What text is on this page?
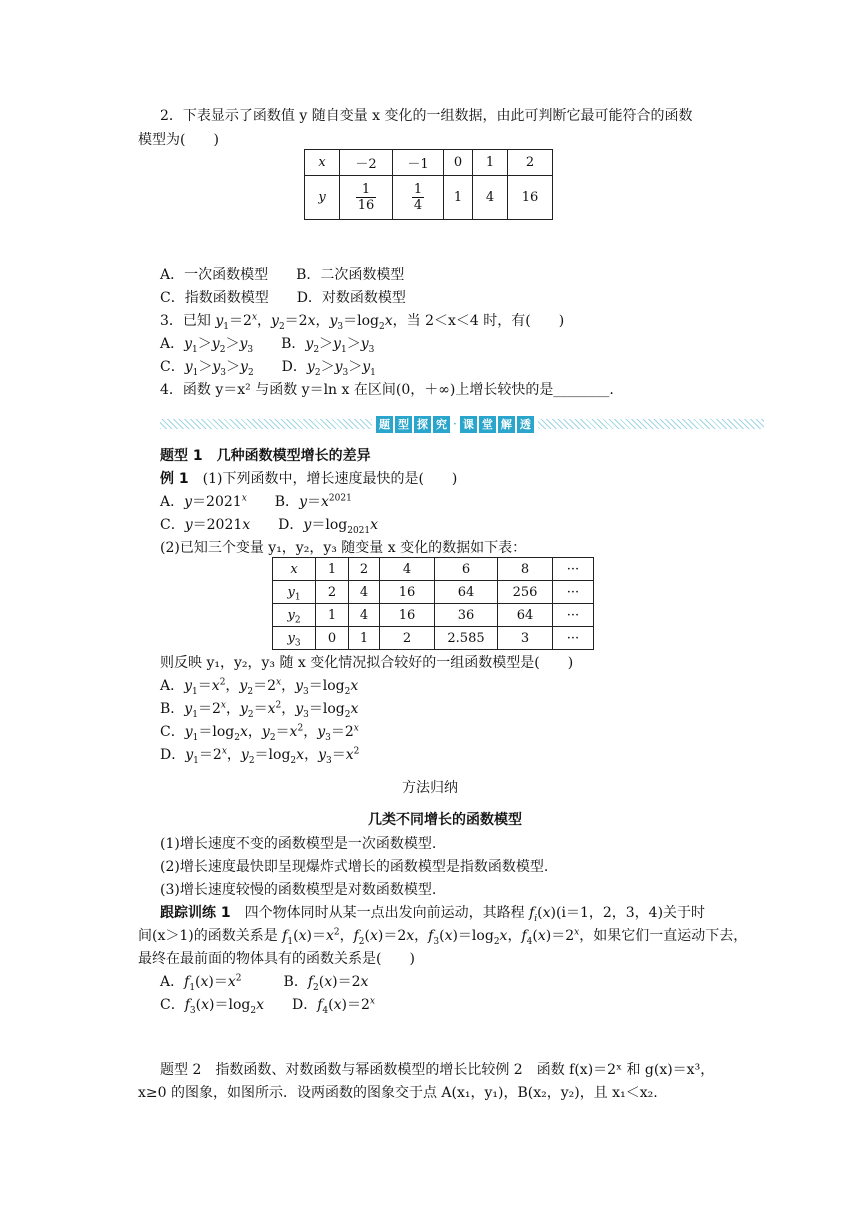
2．下表显示了函数值 y 随自变量 x 变化的一组数据，由此可判断它最可能符合的函数
模型为(　　)
x	－2	－1	0	1	2
y	$\frac{1}{16}$	$\frac{1}{4}$	1	4	16
A．一次函数模型　　B．二次函数模型
C．指数函数模型　　D．对数函数模型
3．已知 $y_1=2^x$，$y_2=2x$，$y_3=\log_2x$，当 2＜x＜4 时，有(　　)
A．$y_1>y_2>y_3$　　B．$y_2>y_1>y_3$
C．$y_1>y_3>y_2$　　D．$y_2>y_3>y_1$
4．函数 y＝x² 与函数 y＝ln x 在区间(0，＋∞)上增长较快的是________.
题 型 探 究 · 课 堂 解 透
题型 1　几种函数模型增长的差异
例 1　 (1)下列函数中，增长速度最快的是(　　)
A．$y=2021^x$　　B．$y=x^{2021}$
C．y＝2021x　　D．$y=\log_{2021}x$
(2)已知三个变量 y₁，y₂，y₃ 随变量 x 变化的数据如下表：
x	1	2	4	6	8	···
$y_1$	2	4	16	64	256	···
$y_2$	1	4	16	36	64	···
$y_3$	0	1	2	2.585	3	···
则反映 y₁，y₂，y₃ 随 x 变化情况拟合较好的一组函数模型是(　　)
A．$y_1=x^2$，$y_2=2^x$，$y_3=\log_2x$
B．$y_1=2^x$，$y_2=x^2$，$y_3=\log_2x$
C．$y_1=\log_2x$，$y_2=x^2$，$y_3=2^x$
D．$y_1=2^x$，$y_2=\log_2x$，$y_3=x^2$
方法归纳
几类不同增长的函数模型
(1)增长速度不变的函数模型是一次函数模型.
(2)增长速度最快即呈现爆炸式增长的函数模型是指数函数模型.
(3)增长速度较慢的函数模型是对数函数模型.
跟踪训练 1　 四个物体同时从某一点出发向前运动，其路程 $f_i(x)(i=1$，2，3，4)关于时
间(x＞1)的函数关系是 $f_1(x)=x^2$，$f_2(x)=2x$，$f_3(x)=\log_2x$，$f_4(x)=2^x$，如果它们一直运动下去，
最终在最前面的物体具有的函数关系是(　　)
A．$f_1(x)=x^2$　　　B．$f_2(x)=2x$
C．$f_3(x)=\log_2x$　　D．$f_4(x)=2^x$
题型 2　指数函数、对数函数与幂函数模型的增长比较例 2　函数 f(x)＝2ˣ 和 g(x)＝x³，
x≥0 的图象，如图所示．设两函数的图象交于点 A(x₁，y₁)，B(x₂，y₂)，且 x₁＜x₂.
